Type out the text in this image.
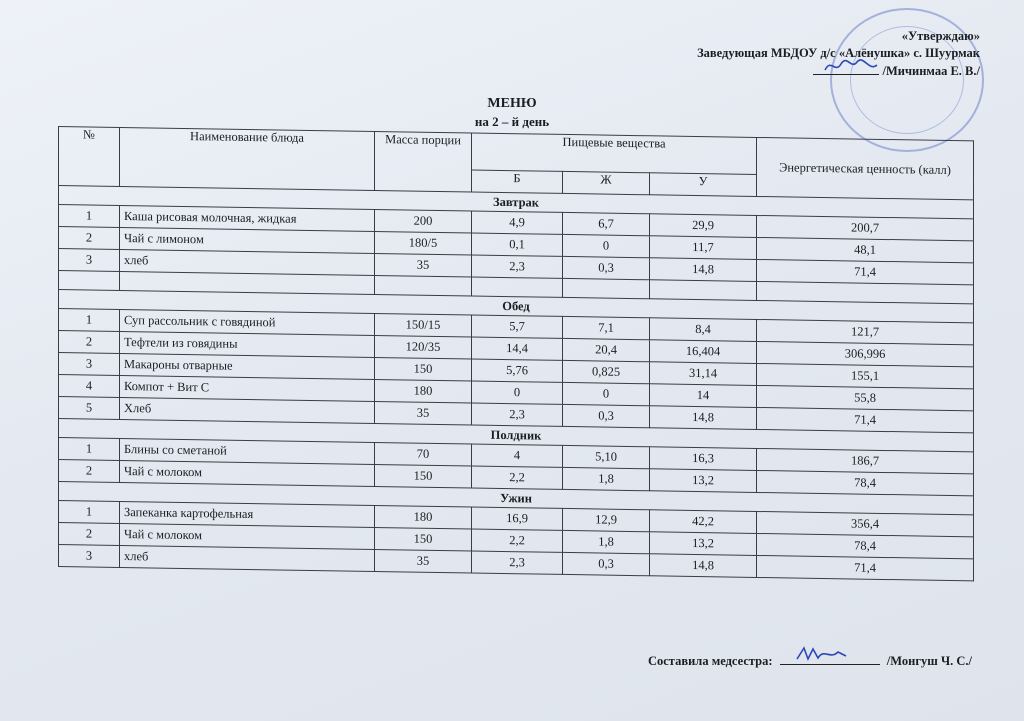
«Утверждаю»
Заведующая МБДОУ д/с «Алёнушка» с. Шуурмак
/Мичинмаа Е. В./
МЕНЮ
на 2 – й день
№	Наименование блюда	Масса порции	Пищевые вещества			Энергетическая ценность (калл)
			Б	Ж	У	
Завтрак						
1	Каша рисовая молочная, жидкая	200	4,9	6,7	29,9	200,7
2	Чай с лимоном	180/5	0,1	0	11,7	48,1
3	хлеб	35	2,3	0,3	14,8	71,4

Обед						
1	Суп рассольник с говядиной	150/15	5,7	7,1	8,4	121,7
2	Тефтели из говядины	120/35	14,4	20,4	16,404	306,996
3	Макароны отварные	150	5,76	0,825	31,14	155,1
4	Компот + Вит С	180	0	0	14	55,8
5	Хлеб	35	2,3	0,3	14,8	71,4
Полдник						
1	Блины со сметаной	70	4	5,10	16,3	186,7
2	Чай с молоком	150	2,2	1,8	13,2	78,4
Ужин						
1	Запеканка картофельная	180	16,9	12,9	42,2	356,4
2	Чай с молоком	150	2,2	1,8	13,2	78,4
3	хлеб	35	2,3	0,3	14,8	71,4
Составила медсестра:	/Монгуш Ч. С./
